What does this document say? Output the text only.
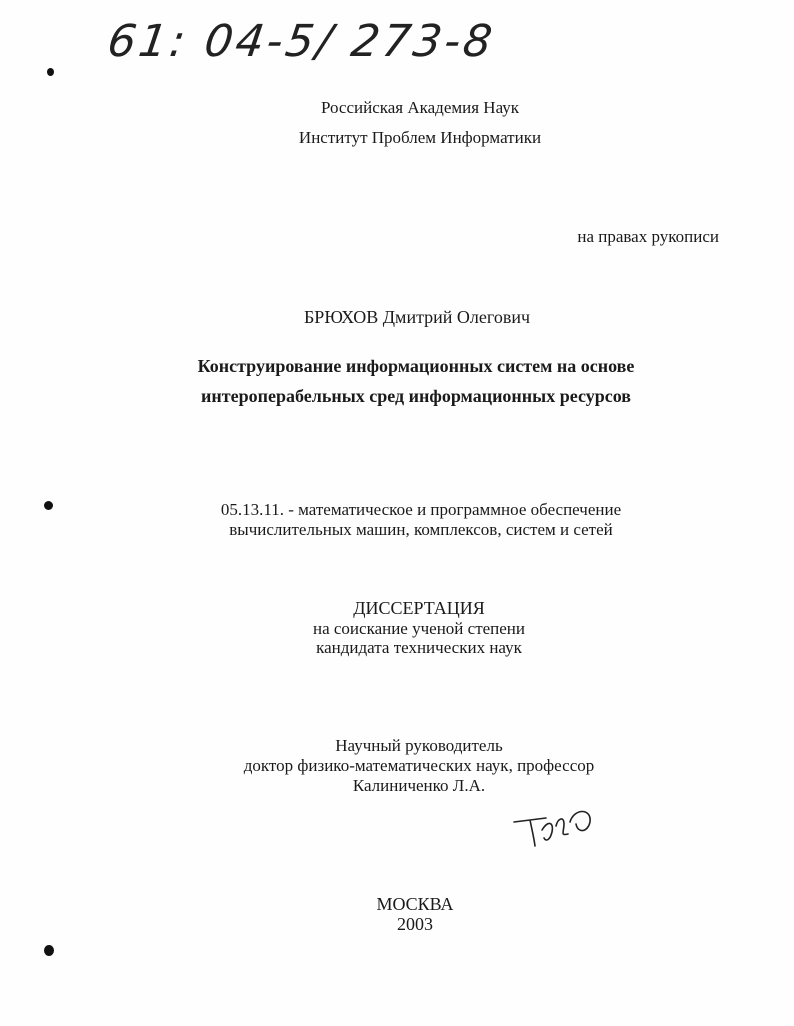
61: 04-5/ 273-8
Российская Академия Наук
Институт Проблем Информатики
на правах рукописи
БРЮХОВ Дмитрий Олегович
Конструирование информационных систем на основе
интероперабельных сред информационных ресурсов
05.13.11. - математическое и программное обеспечение
вычислительных машин, комплексов, систем и сетей
ДИССЕРТАЦИЯ
на соискание ученой степени
кандидата технических наук
Научный руководитель
доктор физико-математических наук, профессор
Калиниченко Л.А.
МОСКВА
2003
